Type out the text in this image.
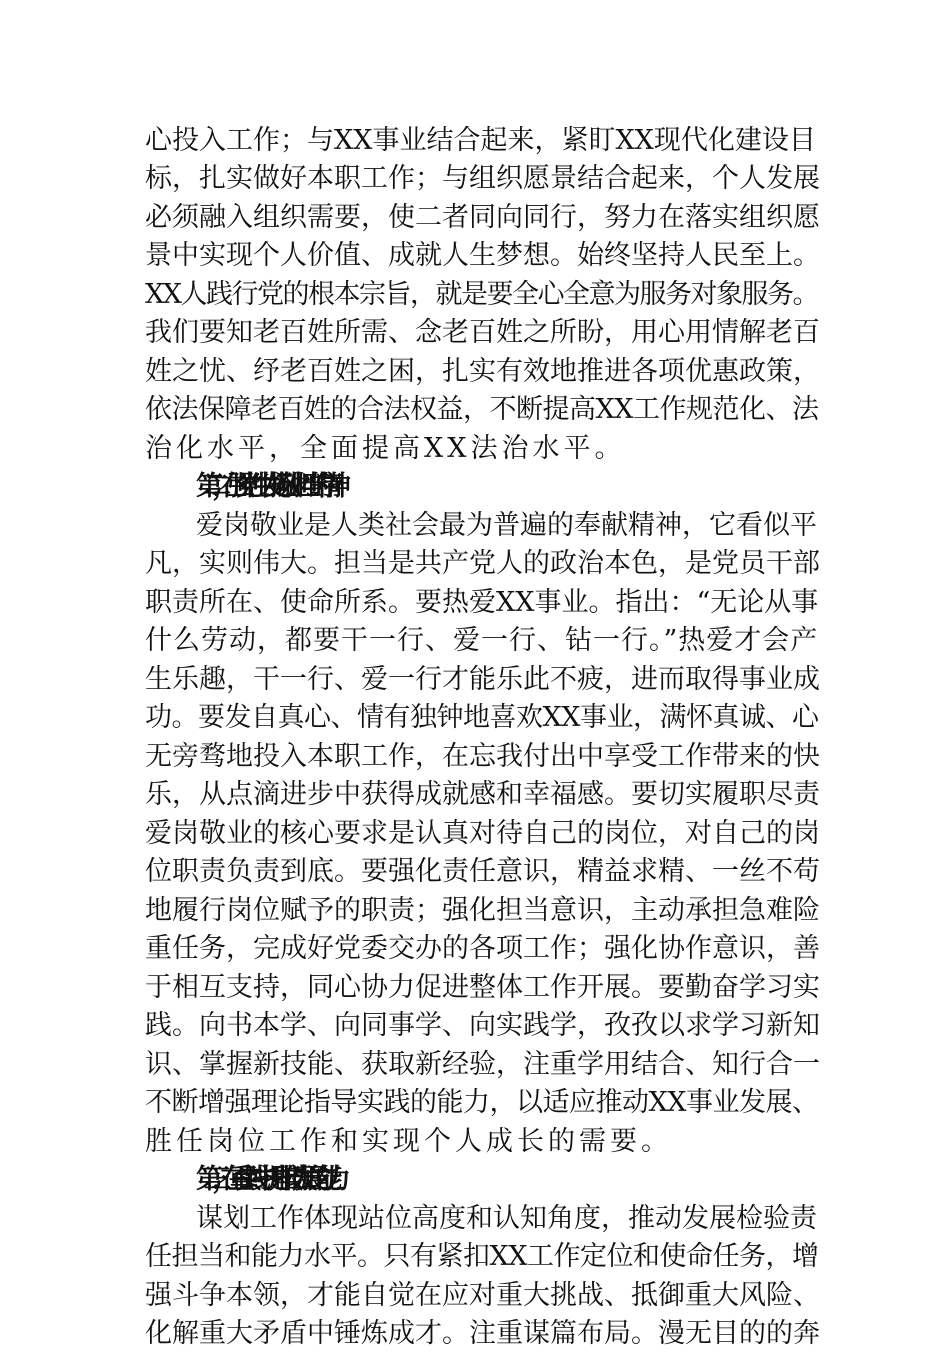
心投入工作；与XX事业结合起来，紧盯XX现代化建设目
标，扎实做好本职工作；与组织愿景结合起来，个人发展
必须融入组织需要，使二者同向同行，努力在落实组织愿
景中实现个人价值、成就人生梦想。始终坚持人民至上。
XX人践行党的根本宗旨，就是要全心全意为服务对象服务。
我们要知老百姓所需、念老百姓之所盼，用心用情解老百
姓之忧、纾老百姓之困，扎实有效地推进各项优惠政策，
依法保障老百姓的合法权益，不断提高XX工作规范化、法
治化水平，全面提高XX法治水平。
第二，在强党性中发扬敬业担当的精神
爱岗敬业是人类社会最为普遍的奉献精神，它看似平
凡，实则伟大。担当是共产党人的政治本色，是党员干部
职责所在、使命所系。要热爱XX事业。指出：“无论从事
什么劳动，都要干一行、爱一行、钻一行。”热爱才会产
生乐趣，干一行、爱一行才能乐此不疲，进而取得事业成
功。要发自真心、情有独钟地喜欢XX事业，满怀真诚、心
无旁骛地投入本职工作，在忘我付出中享受工作带来的快
乐，从点滴进步中获得成就感和幸福感。要切实履职尽责
爱岗敬业的核心要求是认真对待自己的岗位，对自己的岗
位职责负责到底。要强化责任意识，精益求精、一丝不苟
地履行岗位赋予的职责；强化担当意识，主动承担急难险
重任务，完成好党委交办的各项工作；强化协作意识，善
于相互支持，同心协力促进整体工作开展。要勤奋学习实
践。向书本学、向同事学、向实践学，孜孜以求学习新知
识、掌握新技能、获取新经验，注重学用结合、知行合一
不断增强理论指导实践的能力，以适应推动XX事业发展、
胜任岗位工作和实现个人成长的需要。
第三，在重实践中提升推动发展的能力
谋划工作体现站位高度和认知角度，推动发展检验责
任担当和能力水平。只有紧扣XX工作定位和使命任务，增
强斗争本领，才能自觉在应对重大挑战、抵御重大风险、
化解重大矛盾中锤炼成才。注重谋篇布局。漫无目的的奔
